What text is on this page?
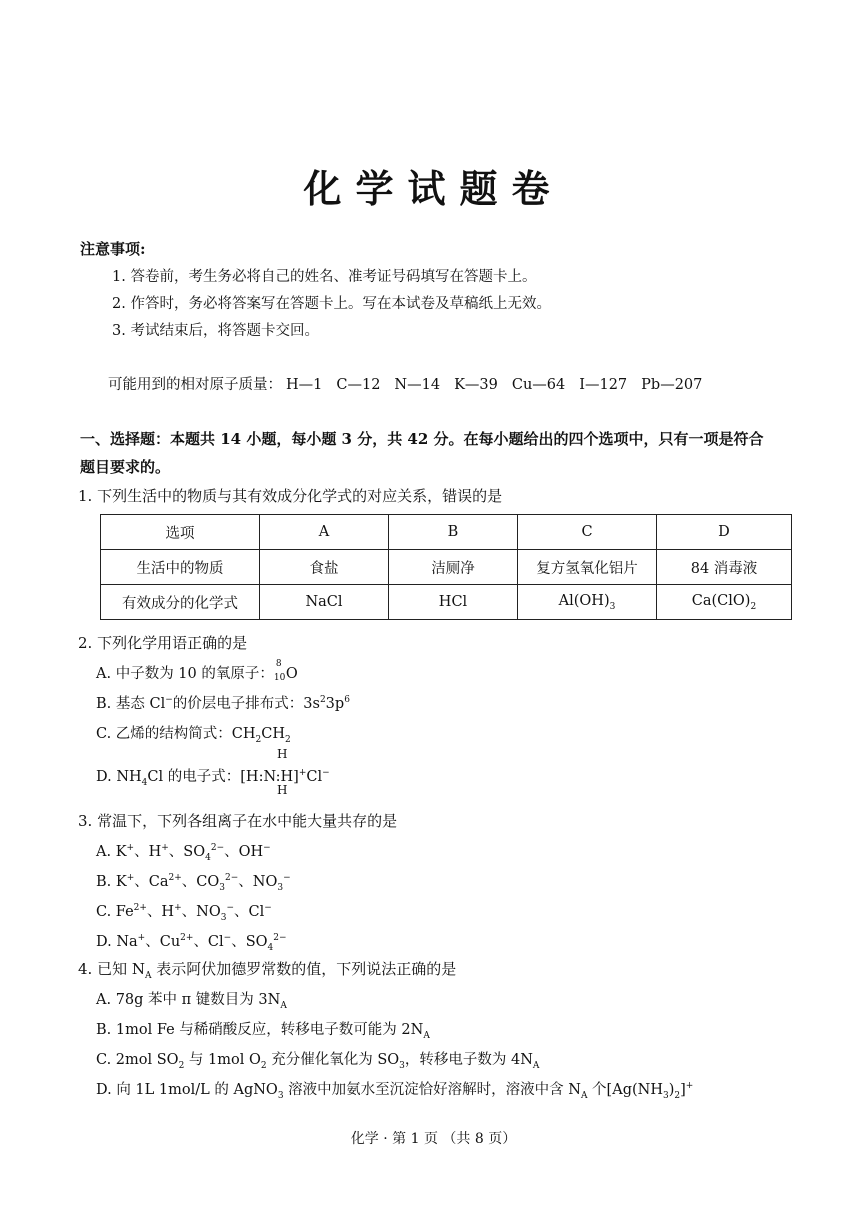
化学试题卷
注意事项:
1. 答卷前，考生务必将自己的姓名、准考证号码填写在答题卡上。
2. 作答时，务必将答案写在答题卡上。写在本试卷及草稿纸上无效。
3. 考试结束后，将答题卡交回。
可能用到的相对原子质量： H—1 C—12 N—14 K—39 Cu—64 I—127 Pb—207
一、选择题：本题共 14 小题，每小题 3 分，共 42 分。在每小题给出的四个选项中，只有一项是符合
题目要求的。
1. 下列生活中的物质与其有效成分化学式的对应关系，错误的是
选项	A	B	C	D
生活中的物质	食盐	洁厕净	复方氢氧化铝片	84 消毒液
有效成分的化学式	NaCl	HCl	$Al(OH)_3$	$Ca(ClO)_2$
2. 下列化学用语正确的是
A. 中子数为 10 的氧原子：
8
10 O
B. 基态 Cl−的价层电子排布式：$3s^23p^6$
C. 乙烯的结构简式：$CH_2CH_2$
H
D. $NH_4Cl$ 的电子式：[H:N:H]+Cl−
H
3. 常温下，下列各组离子在水中能大量共存的是
A. K+、H+、$SO_4^{2-}$、OH−
B. K+、$Ca^{2+}$、$CO_3^{2-}$、$NO_3^-$
C. $Fe^{2+}$、H+、$NO_3^-$、Cl−
D. Na+、$Cu^{2+}$、Cl−、$SO_4^{2-}$
4. 已知 $N_A$ 表示阿伏加德罗常数的值，下列说法正确的是
A. 78g 苯中 π 键数目为 $3N_A$
B. 1mol Fe 与稀硝酸反应，转移电子数可能为 $2N_A$
C. 2mol $SO_2$ 与 1mol $O_2$ 充分催化氧化为 $SO_3$，转移电子数为 $4N_A$
D. 向 1L 1mol/L 的 AgNO$_3$ 溶液中加氨水至沉淀恰好溶解时，溶液中含 $N_A$ 个$[Ag(NH_3)_2]^+$
化学 · 第 1 页 （共 8 页）
